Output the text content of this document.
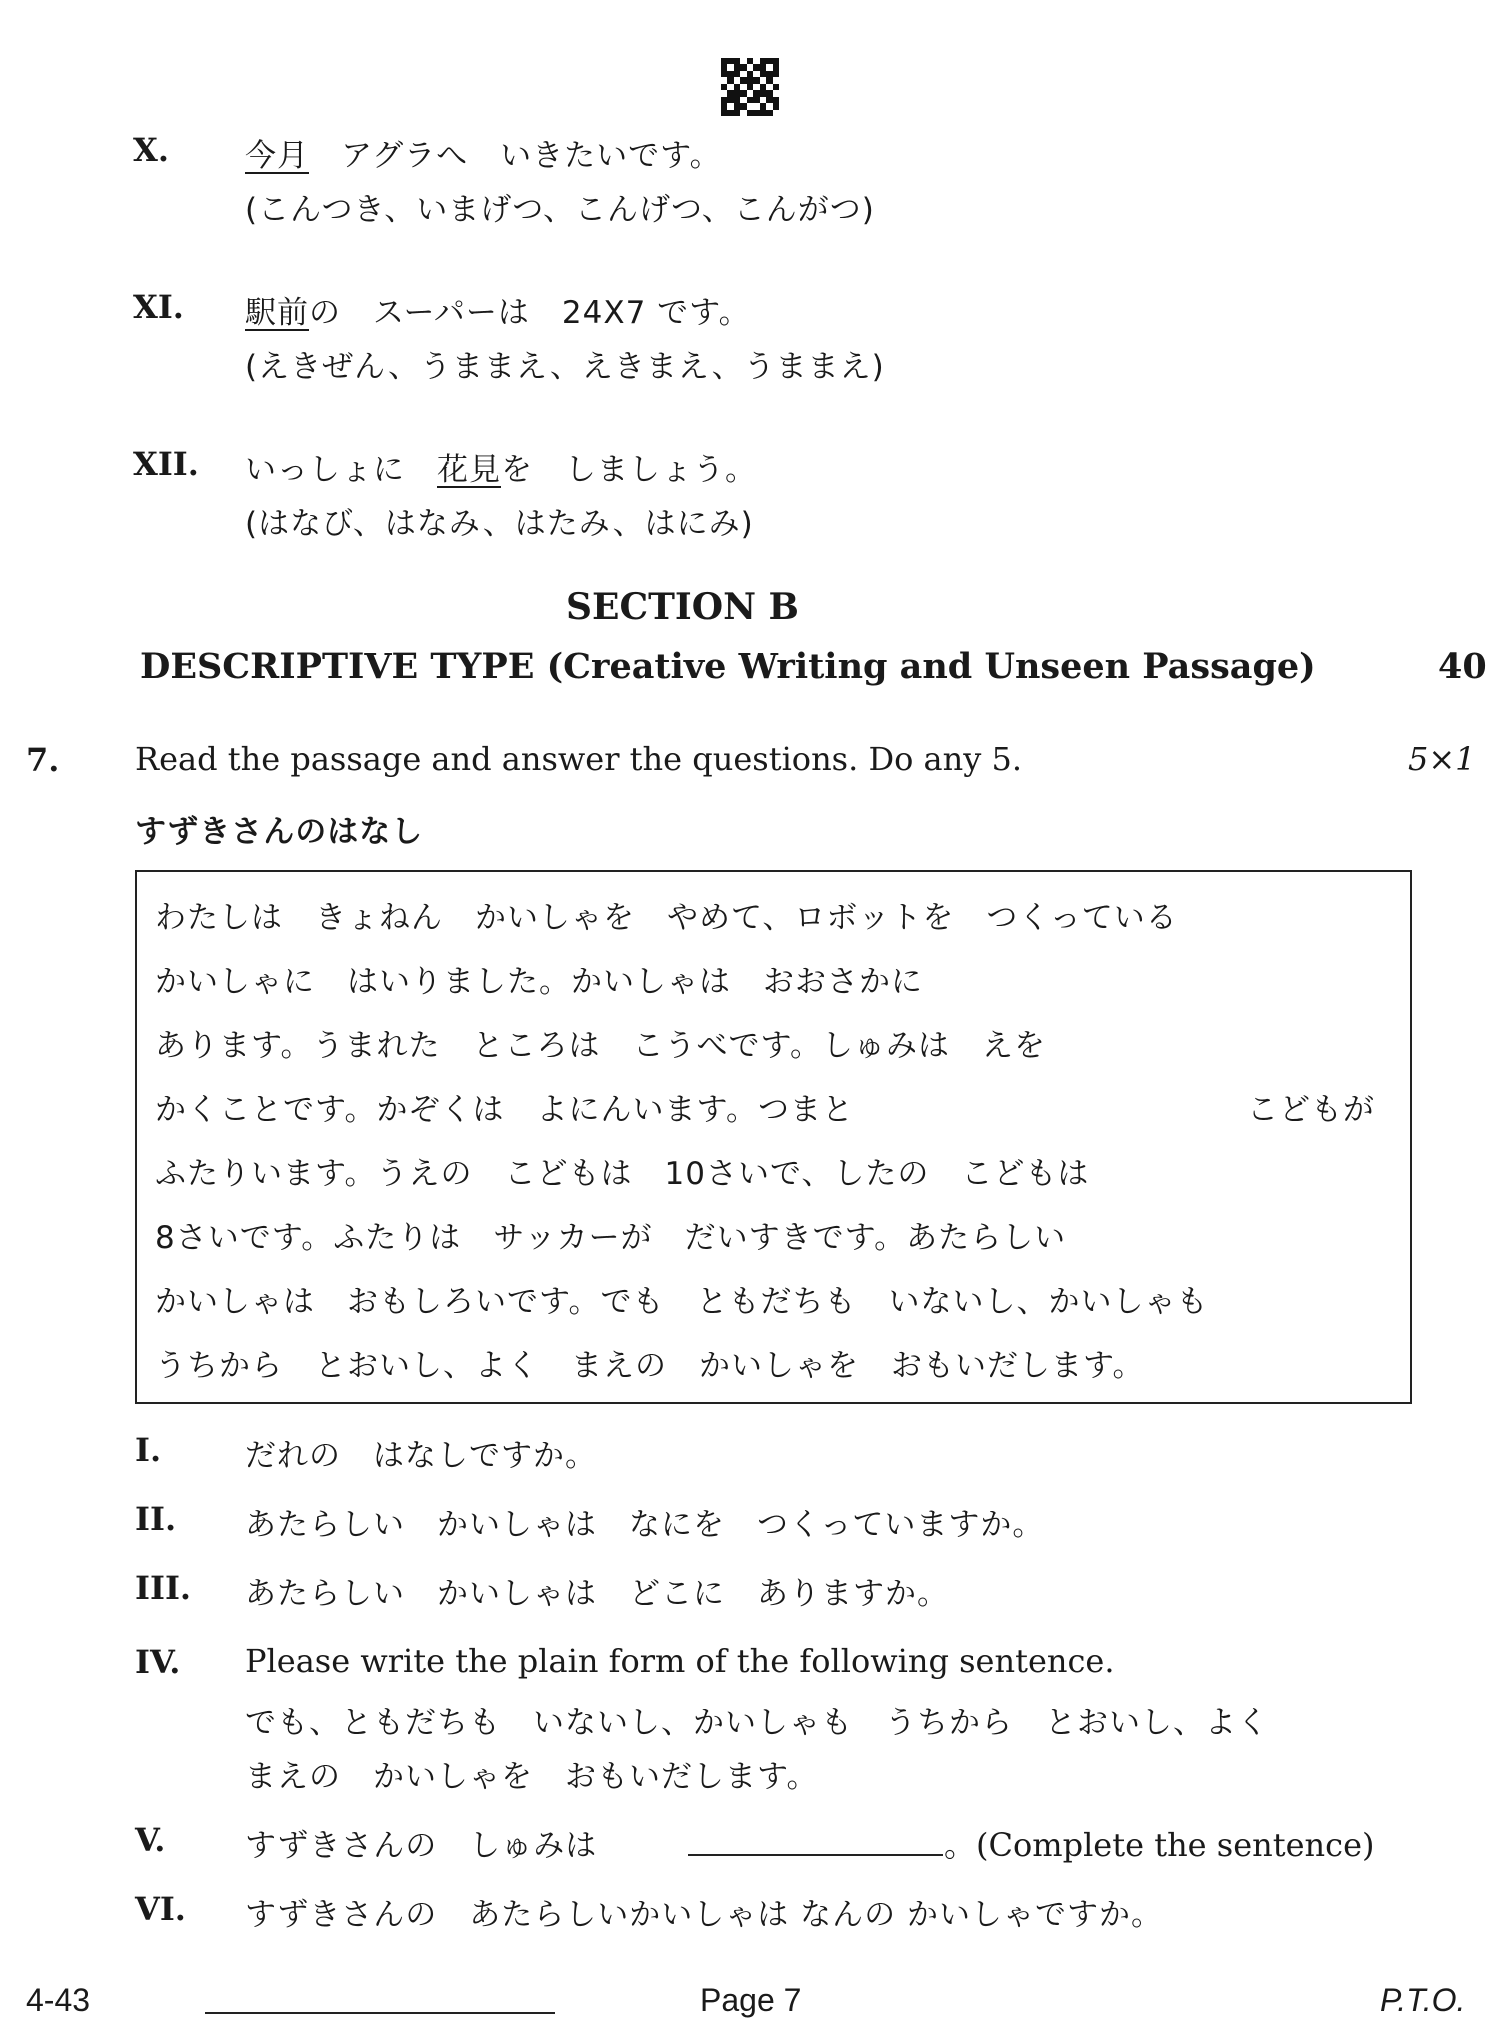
X. 今月　アグラへ　いきたいです。
(こんつき、いまげつ、こんげつ、こんがつ)
XI. 駅前の　スーパーは　24X7 です。
(えきぜん、うままえ、えきまえ、うままえ)
XII. いっしょに　花見を　しましょう。
(はなび、はなみ、はたみ、はにみ)
SECTION B
DESCRIPTIVE TYPE (Creative Writing and Unseen Passage)	40
7. Read the passage and answer the questions. Do any 5.	5×1
すずきさんのはなし
わたしは　きょねん　かいしゃを　やめて、ロボットを　つくっている
かいしゃに　はいりました。かいしゃは　おおさかに
あります。うまれた　ところは　こうべです。しゅみは　えを
かくことです。かぞくは　よにんいます。つまと	こどもが
ふたりいます。うえの　こどもは　10さいで、したの　こどもは
8さいです。ふたりは　サッカーが　だいすきです。あたらしい
かいしゃは　おもしろいです。でも　ともだちも　いないし、かいしゃも
うちから　とおいし、よく　まえの　かいしゃを　おもいだします。
I.	だれの　はなしですか。
II. あたらしい　かいしゃは　なにを　つくっていますか。
III. あたらしい　かいしゃは　どこに　ありますか。
IV. Please write the plain form of the following sentence.
でも、ともだちも　いないし、かいしゃも　うちから　とおいし、よく
まえの　かいしゃを　おもいだします。
V.	すずきさんの　しゅみは	。(Complete the sentence)
VI. すずきさんの　あたらしいかいしゃは なんの かいしゃですか。
4-43	Page 7	P.T.O.
